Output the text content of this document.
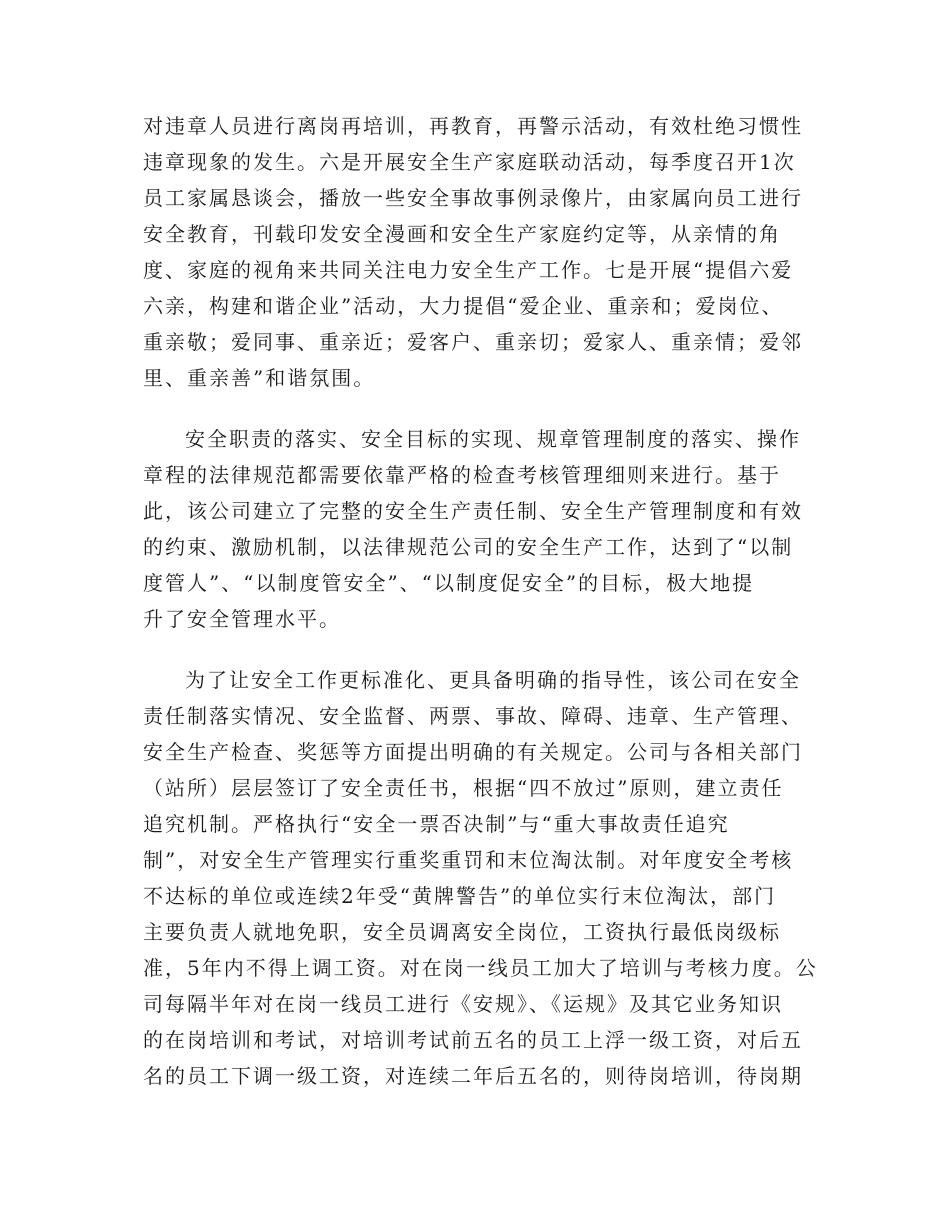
对违章人员进行离岗再培训，再教育，再警示活动，有效杜绝习惯性
违章现象的发生。六是开展安全生产家庭联动活动，每季度召开1次
员工家属恳谈会，播放一些安全事故事例录像片，由家属向员工进行
安全教育，刊载印发安全漫画和安全生产家庭约定等，从亲情的角
度、家庭的视角来共同关注电力安全生产工作。七是开展“提倡六爱
六亲，构建和谐企业”活动，大力提倡“爱企业、重亲和；爱岗位、
重亲敬；爱同事、重亲近；爱客户、重亲切；爱家人、重亲情；爱邻
里、重亲善”和谐氛围。
安全职责的落实、安全目标的实现、规章管理制度的落实、操作
章程的法律规范都需要依靠严格的检查考核管理细则来进行。基于
此，该公司建立了完整的安全生产责任制、安全生产管理制度和有效
的约束、激励机制，以法律规范公司的安全生产工作，达到了“以制
度管人”、“以制度管安全”、“以制度促安全”的目标，极大地提
升了安全管理水平。
为了让安全工作更标准化、更具备明确的指导性，该公司在安全
责任制落实情况、安全监督、两票、事故、障碍、违章、生产管理、
安全生产检查、奖惩等方面提出明确的有关规定。公司与各相关部门
（站所）层层签订了安全责任书，根据“四不放过”原则，建立责任
追究机制。严格执行“安全一票否决制”与“重大事故责任追究
制”，对安全生产管理实行重奖重罚和末位淘汰制。对年度安全考核
不达标的单位或连续2年受“黄牌警告”的单位实行末位淘汰，部门
主要负责人就地免职，安全员调离安全岗位，工资执行最低岗级标
准，5年内不得上调工资。对在岗一线员工加大了培训与考核力度。公
司每隔半年对在岗一线员工进行《安规》、《运规》及其它业务知识
的在岗培训和考试，对培训考试前五名的员工上浮一级工资，对后五
名的员工下调一级工资，对连续二年后五名的，则待岗培训，待岗期
